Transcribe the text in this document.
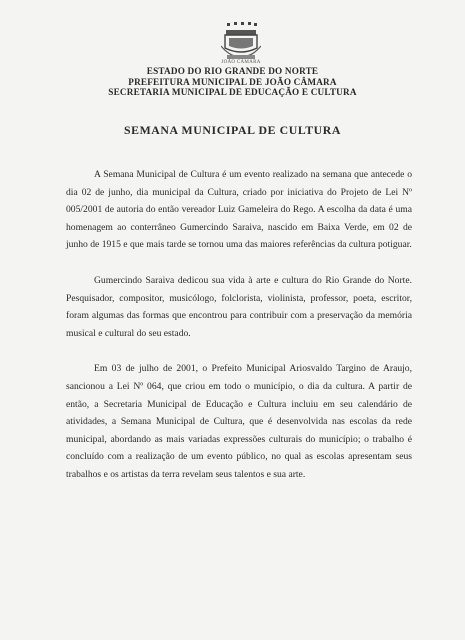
JOÃO CÂMARA
ESTADO DO RIO GRANDE DO NORTE
PREFEITURA MUNICIPAL DE JOÃO CÂMARA
SECRETARIA MUNICIPAL DE EDUCAÇÃO E CULTURA
SEMANA MUNICIPAL DE CULTURA

A Semana Municipal de Cultura é um evento realizado na semana que antecede o dia 02 de junho, dia municipal da Cultura, criado por iniciativa do Projeto de Lei Nº 005/2001 de autoria do então vereador Luiz Gameleira do Rego. A escolha da data é uma homenagem ao conterrâneo Gumercindo Saraiva, nascido em Baixa Verde, em 02 de junho de 1915 e que mais tarde se tornou uma das maiores referências da cultura potiguar.

Gumercindo Saraiva dedicou sua vida à arte e cultura do Rio Grande do Norte. Pesquisador, compositor, musicólogo, folclorista, violinista, professor, poeta, escritor, foram algumas das formas que encontrou para contribuir com a preservação da memória musical e cultural do seu estado.

Em 03 de julho de 2001, o Prefeito Municipal Ariosvaldo Targino de Araujo, sancionou a Lei Nº 064, que criou em todo o município, o dia da cultura. A partir de então, a Secretaria Municipal de Educação e Cultura incluiu em seu calendário de atividades, a Semana Municipal de Cultura, que é desenvolvida nas escolas da rede municipal, abordando as mais variadas expressões culturais do município; o trabalho é concluído com a realização de um evento público, no qual as escolas apresentam seus trabalhos e os artistas da terra revelam seus talentos e sua arte.
